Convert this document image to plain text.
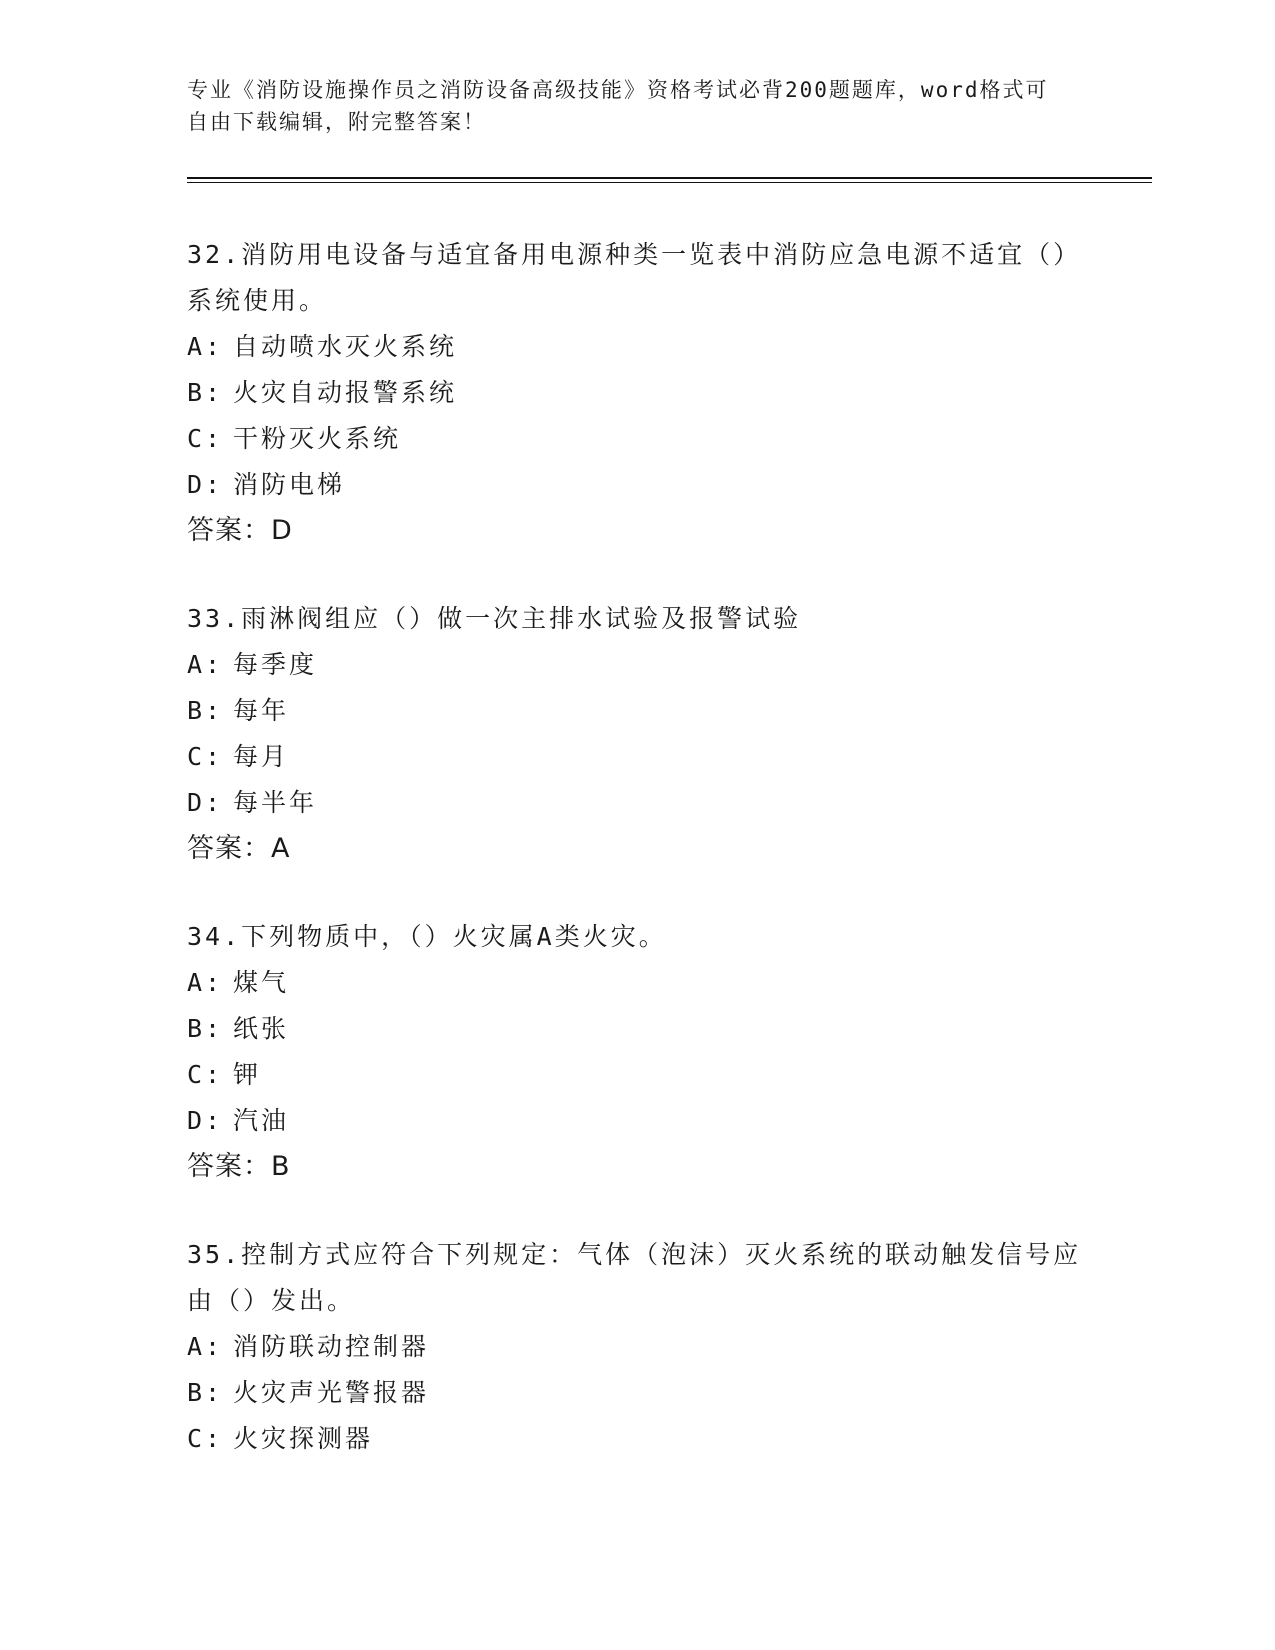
专业《消防设施操作员之消防设备高级技能》资格考试必背200题题库，word格式可自由下载编辑，附完整答案！
32.消防用电设备与适宜备用电源种类一览表中消防应急电源不适宜（）系统使用。
A: 自动喷水灭火系统
B: 火灾自动报警系统
C: 干粉灭火系统
D: 消防电梯
答案：D
33.雨淋阀组应（）做一次主排水试验及报警试验
A: 每季度
B: 每年
C: 每月
D: 每半年
答案：A
34.下列物质中，（）火灾属A类火灾。
A: 煤气
B: 纸张
C: 钾
D: 汽油
答案：B
35.控制方式应符合下列规定：气体（泡沫）灭火系统的联动触发信号应由（）发出。
A: 消防联动控制器
B: 火灾声光警报器
C: 火灾探测器
